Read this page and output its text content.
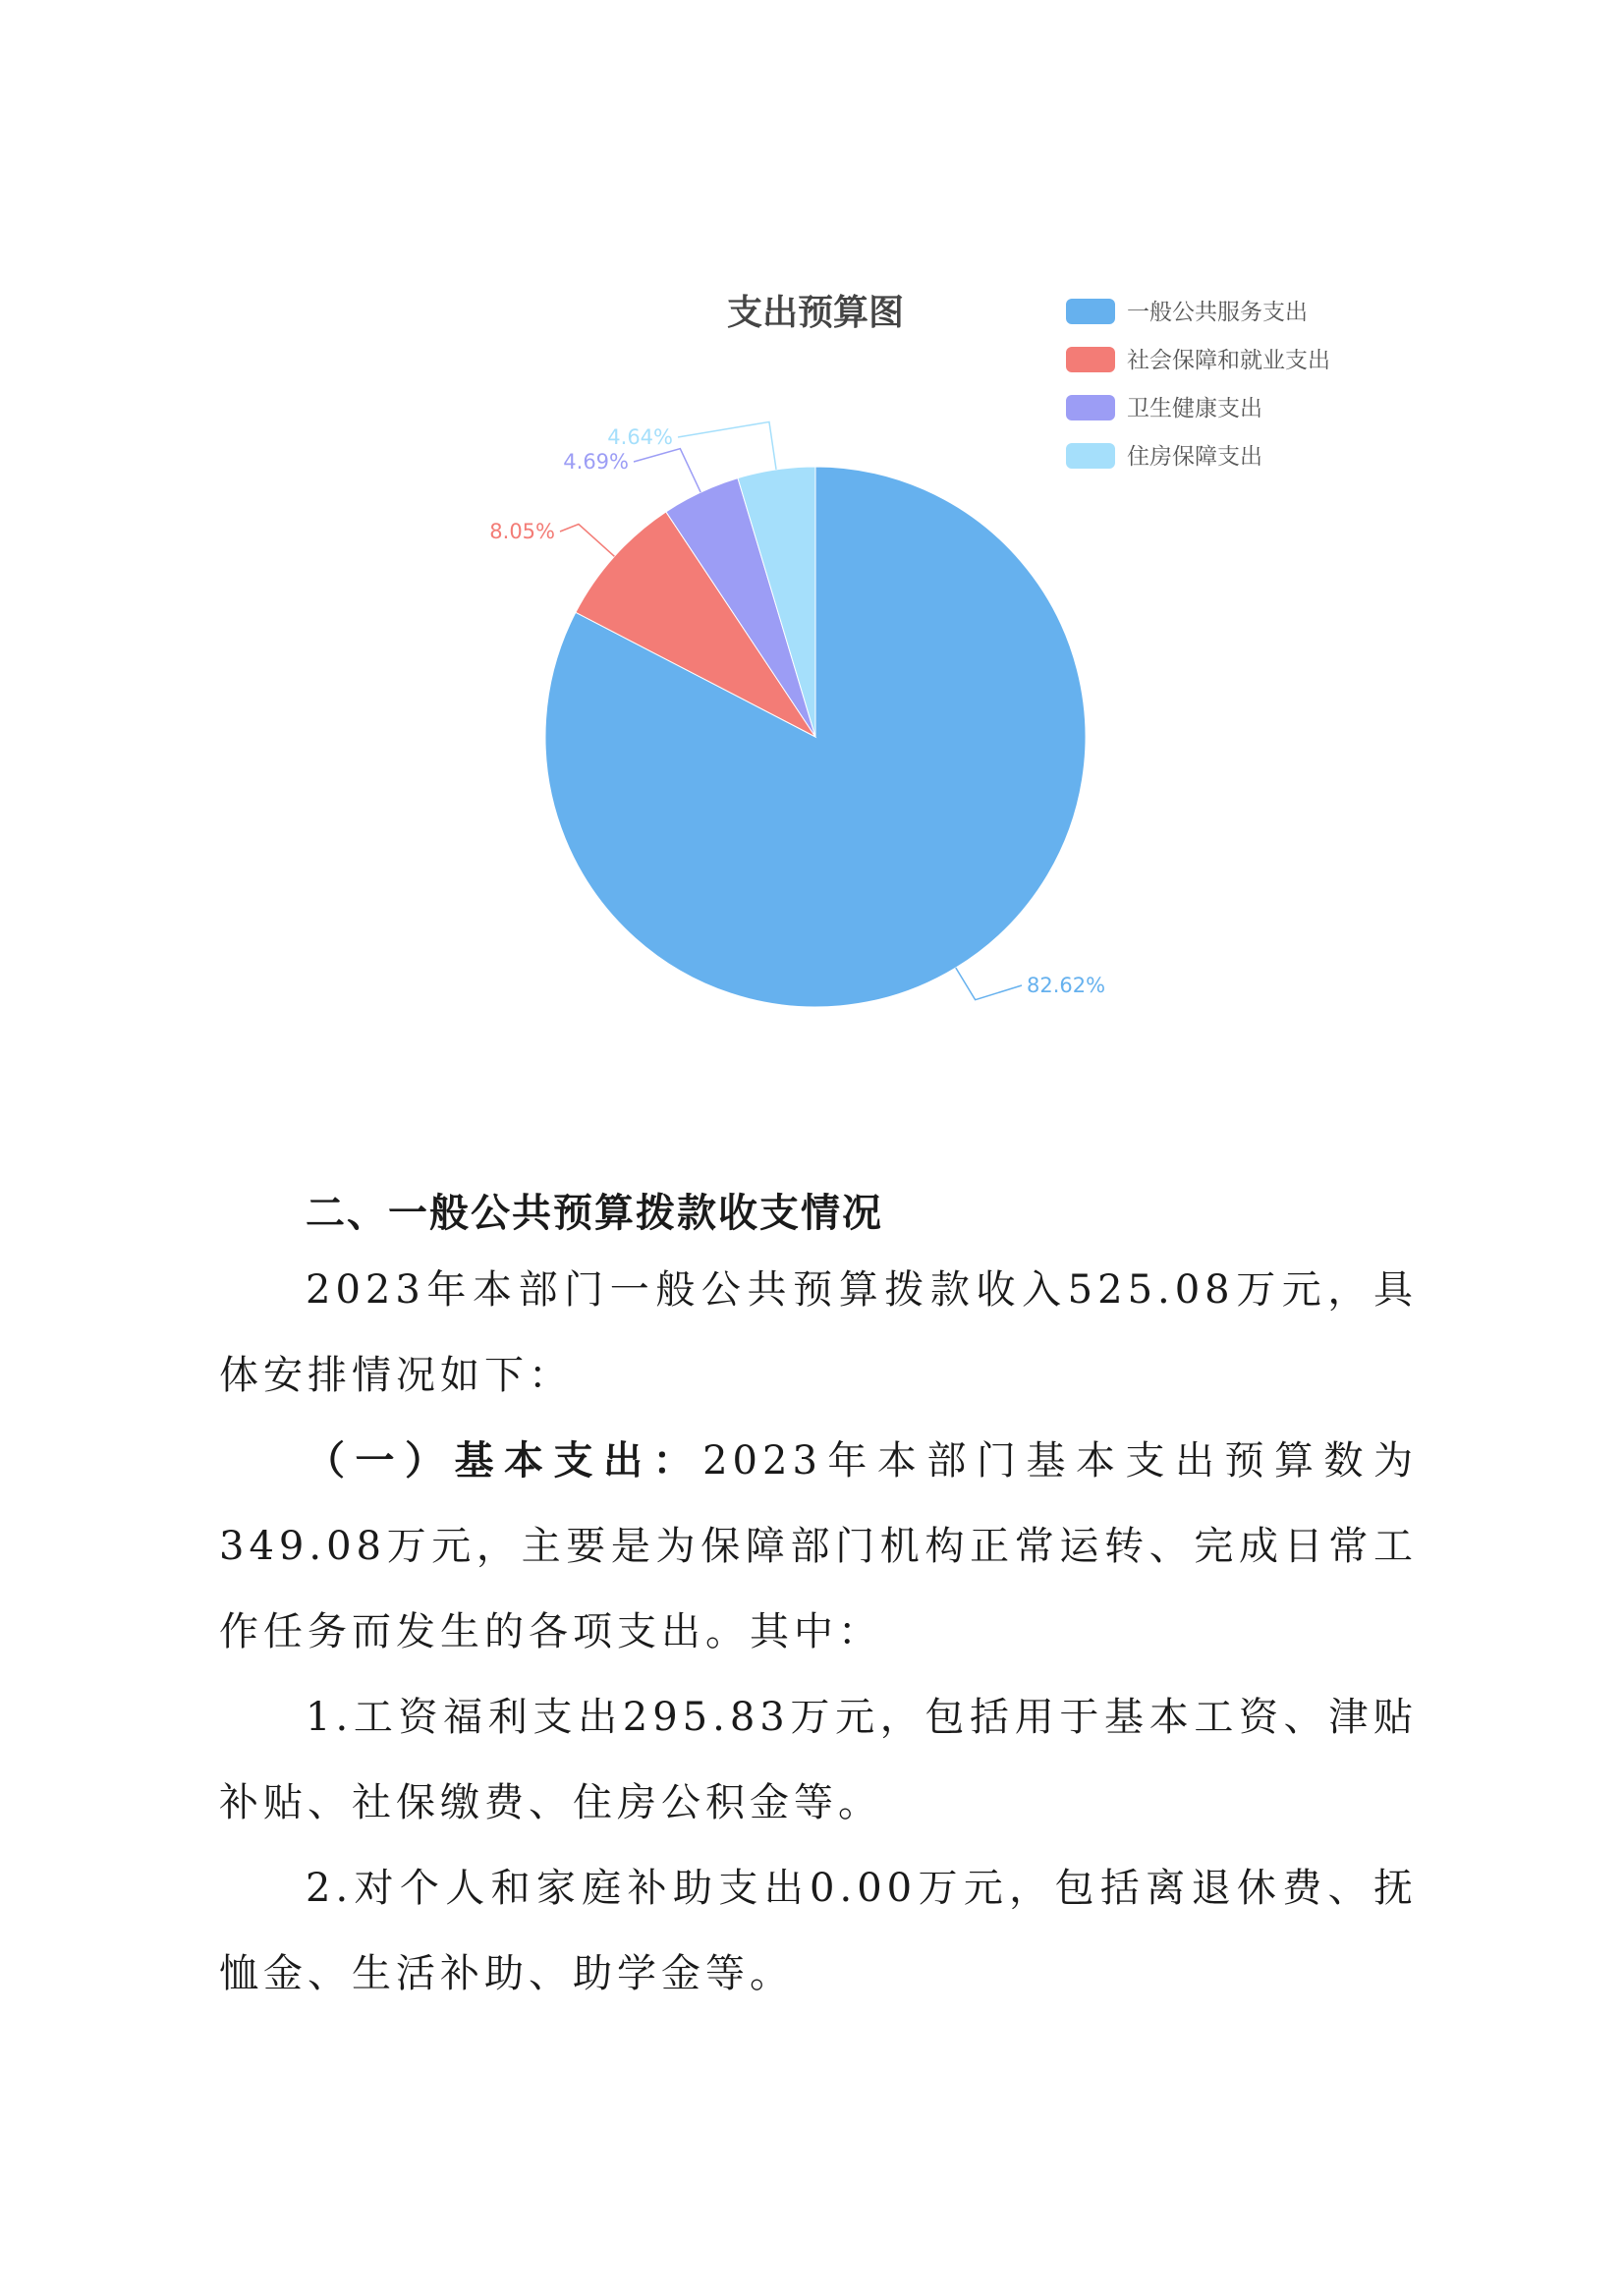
支出预算图
82.62%
8.05%
4.69%
4.64%
一般公共服务支出
社会保障和就业支出
卫生健康支出
住房保障支出
二、一般公共预算拨款收支情况

2023年本部门一般公共预算拨款收入525.08万元，具体安排情况如下：

（一）基本支出：2023年本部门基本支出预算数为349.08万元，主要是为保障部门机构正常运转、完成日常工作任务而发生的各项支出。其中：

1.工资福利支出295.83万元，包括用于基本工资、津贴补贴、社保缴费、住房公积金等。

2.对个人和家庭补助支出0.00万元，包括离退休费、抚恤金、生活补助、助学金等。
